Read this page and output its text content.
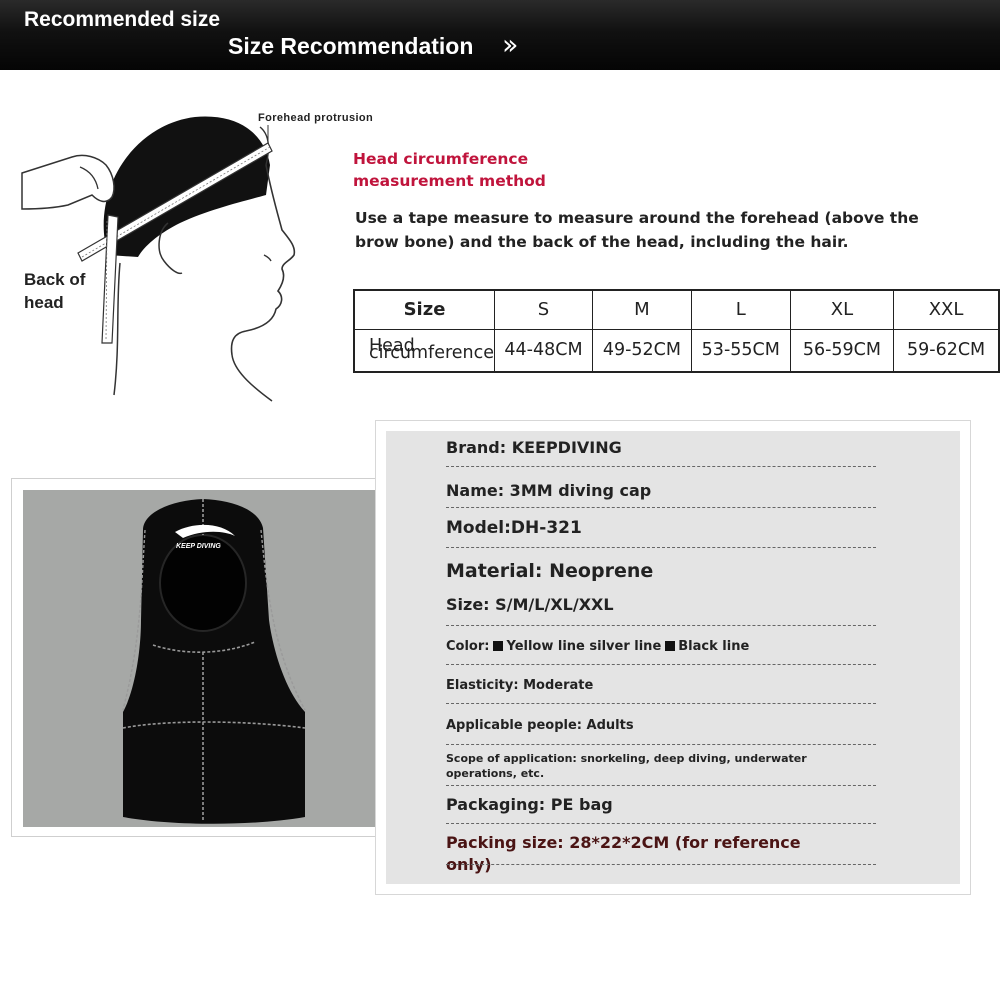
Recommended size
Size Recommendation ››
Forehead protrusion
Back of head
Head circumference measurement method
Use a tape measure to measure around the forehead (above the brow bone) and the back of the head, including the hair.
Size	S	M	L	XL	XXL
Head circumference	44-48CM	49-52CM	53-55CM	56-59CM	59-62CM
KEEP DIVING
Brand: KEEPDIVING
Name: 3MM diving cap
Model:DH-321
Material: Neoprene
Size: S/M/L/XL/XXL
Color: Yellow line silver line Black line
Elasticity: Moderate
Applicable people: Adults
Scope of application: snorkeling, deep diving, underwater
operations, etc.
Packaging: PE bag
Packing size: 28*22*2CM (for reference
only)
